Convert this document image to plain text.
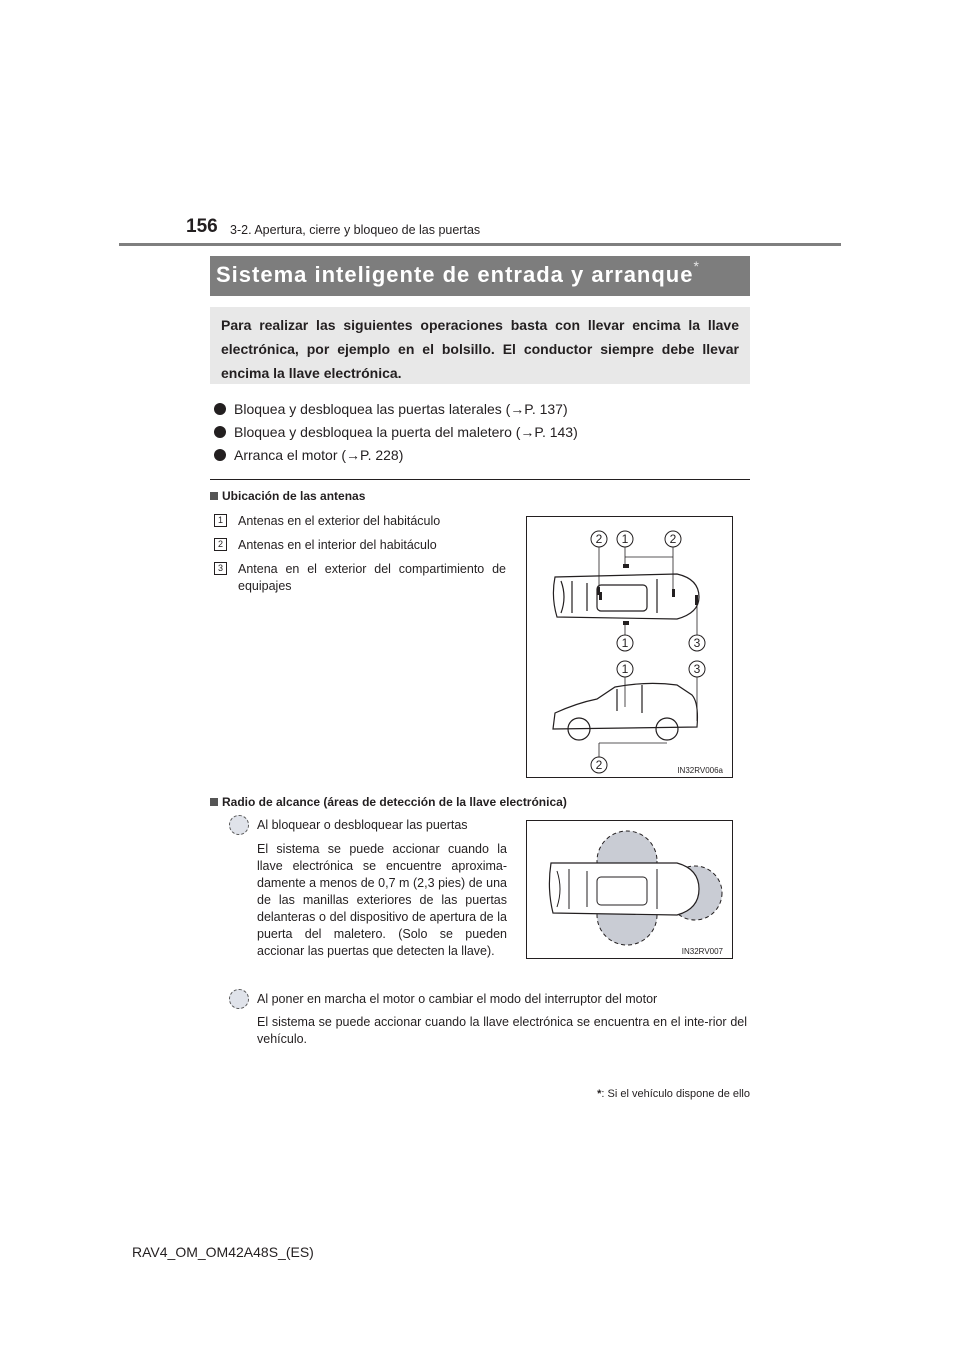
156 3-2. Apertura, cierre y bloqueo de las puertas
Sistema inteligente de entrada y arranque*
Para realizar las siguientes operaciones basta con llevar encima la llave electrónica, por ejemplo en el bolsillo. El conductor siempre debe llevar encima la llave electrónica.
Bloquea y desbloquea las puertas laterales (→P. 137)
Bloquea y desbloquea la puerta del maletero (→P. 143)
Arranca el motor (→P. 228)
Ubicación de las antenas
1	Antenas en el exterior del habitáculo
2	Antenas en el interior del habitáculo
3	Antena en el exterior del compartimiento de equipajes
2 1	2
1	3
1	3
2	IN32RV006a
Radio de alcance (áreas de detección de la llave electrónica)
Al bloquear o desbloquear las puertas
El sistema se puede accionar cuando la llave electrónica se encuentre aproxima-damente a menos de 0,7 m (2,3 pies) de una de las manillas exteriores de las puertas delanteras o del dispositivo de apertura de la puerta del maletero. (Solo se pueden accionar las puertas que detecten la llave).	IN32RV007
Al poner en marcha el motor o cambiar el modo del interruptor del motor
El sistema se puede accionar cuando la llave electrónica se encuentra en el inte-rior del vehículo.
*: Si el vehículo dispone de ello
RAV4_OM_OM42A48S_(ES)
